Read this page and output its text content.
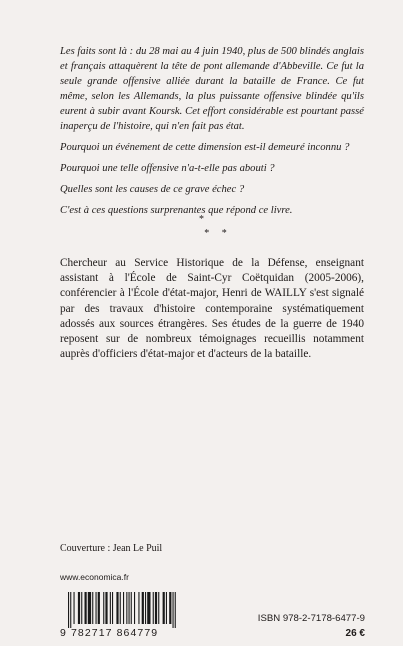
Les faits sont là : du 28 mai au 4 juin 1940, plus de 500 blindés anglais et français attaquèrent la tête de pont allemande d'Abbeville. Ce fut la seule grande offensive alliée durant la bataille de France. Ce fut même, selon les Allemands, la plus puissante offensive blindée qu'ils eurent à subir avant Koursk. Cet effort considérable est pourtant passé inaperçu de l'histoire, qui n'en fait pas état.

Pourquoi un événement de cette dimension est-il demeuré inconnu ?

Pourquoi une telle offensive n'a-t-elle pas abouti ?

Quelles sont les causes de ce grave échec ?

C'est à ces questions surprenantes que répond ce livre.

*
* *

Chercheur au Service Historique de la Défense, enseignant assistant à l'École de Saint-Cyr Coëtquidan (2005-2006), conférencier à l'École d'état-major, Henri de WAILLY s'est signalé par des travaux d'histoire contemporaine systématiquement adossés aux sources étrangères. Ses études de la guerre de 1940 reposent sur de nombreux témoignages recueillis notamment auprès d'officiers d'état-major et d'acteurs de la bataille.

Couverture : Jean Le Puil
www.economica.fr
9 782717 864779
ISBN 978-2-7178-6477-9
26 €
